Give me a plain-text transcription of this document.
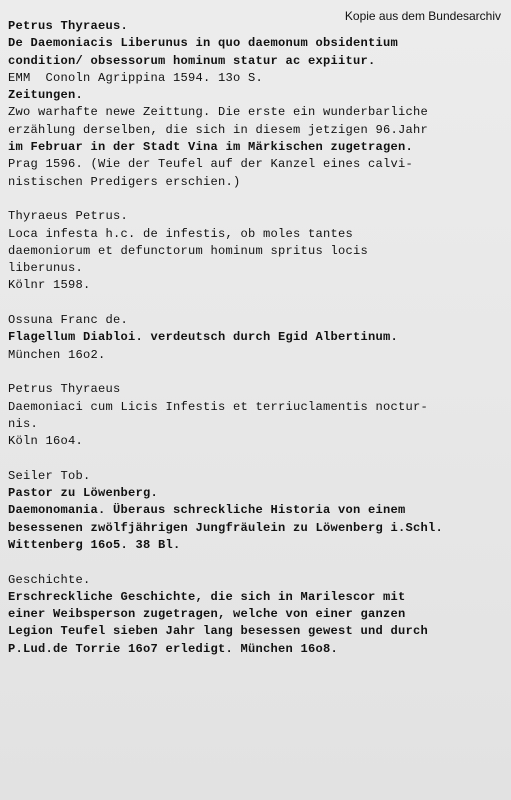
Kopie aus dem Bundesarchiv
Petrus Thyraeus.
De Daemoniacis Liberunus in quo daemonum obsidentium
condition/ obsessorum hominum statur ac expiitur.
EMM  Conoln Agrippina 1594. 13o S.
Zeitungen.
Zwo warhafte newe Zeittung. Die erste ein wunderbarliche
erzählung derselben, die sich in diesem jetzigen 96.Jahr
im Februar in der Stadt Vina im Märkischen zugetragen.
Prag 1596. (Wie der Teufel auf der Kanzel eines calvi-
nistischen Predigers erschien.)
Thyraeus Petrus.
Loca infesta h.c. de infestis, ob moles tantes
daemoniorum et defunctorum hominum spritus locis
liberunus.
Kölnr 1598.
Ossuna Franc de.
Flagellum Diabloi. verdeutsch durch Egid Albertinum.
München 16o2.
Petrus Thyraeus
Daemoniaci cum Licis Infestis et terriuclamentis noctur-
nis.
Köln 16o4.
Seiler Tob.
Pastor zu Löwenberg.
Daemonomania. Überaus schreckliche Historia von einem
besessenen zwölfjährigen Jungfräulein zu Löwenberg i.Schl.
Wittenberg 16o5. 38 Bl.
Geschichte.
Erschreckliche Geschichte, die sich in Marilescor mit
einer Weibsperson zugetragen, welche von einer ganzen
Legion Teufel sieben Jahr lang besessen gewest und durch
P.Lud.de Torrie 16o7 erledigt. München 16o8.
